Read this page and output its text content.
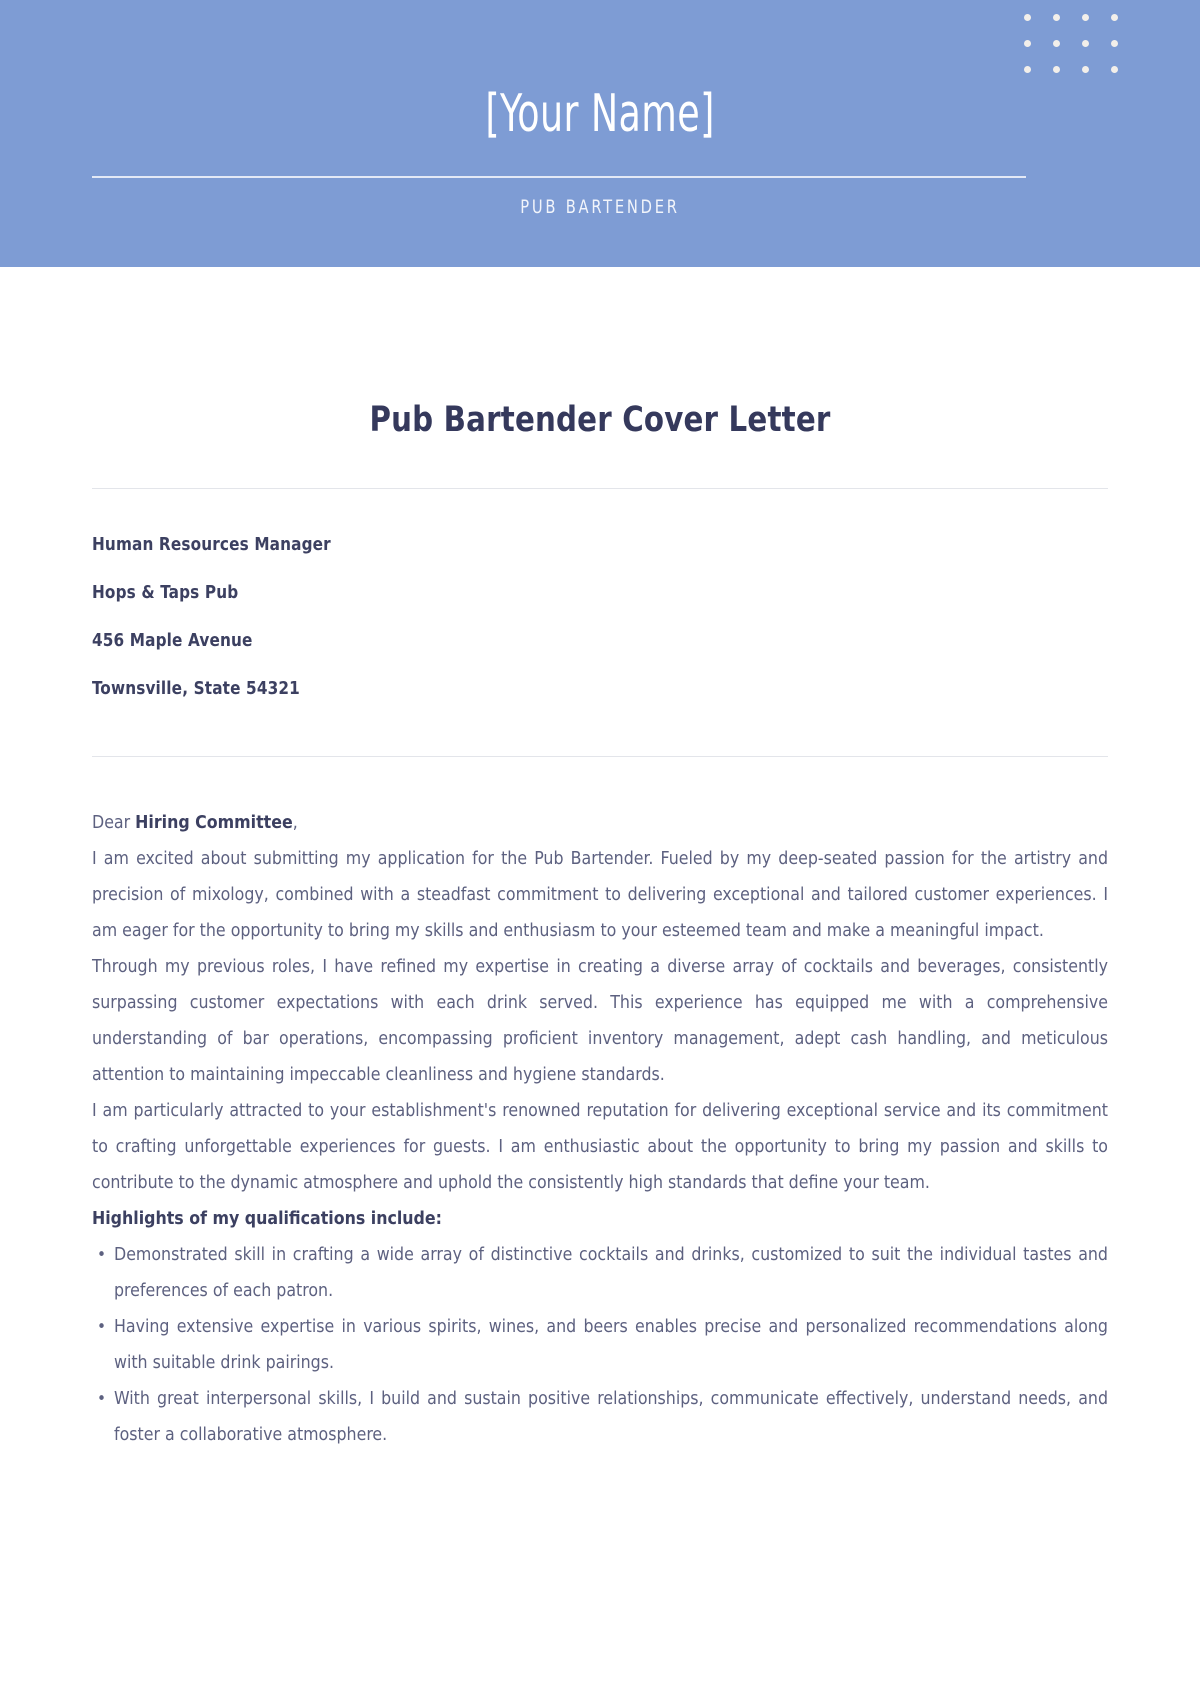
[Your Name]
PUB BARTENDER
Pub Bartender Cover Letter
Human Resources Manager
Hops & Taps Pub
456 Maple Avenue
Townsville, State 54321

Dear Hiring Committee,

I am excited about submitting my application for the Pub Bartender. Fueled by my deep-seated passion for the artistry and precision of mixology, combined with a steadfast commitment to delivering exceptional and tailored customer experiences. I am eager for the opportunity to bring my skills and enthusiasm to your esteemed team and make a meaningful impact.

Through my previous roles, I have refined my expertise in creating a diverse array of cocktails and beverages, consistently surpassing customer expectations with each drink served. This experience has equipped me with a comprehensive understanding of bar operations, encompassing proficient inventory management, adept cash handling, and meticulous attention to maintaining impeccable cleanliness and hygiene standards.

I am particularly attracted to your establishment's renowned reputation for delivering exceptional service and its commitment to crafting unforgettable experiences for guests. I am enthusiastic about the opportunity to bring my passion and skills to contribute to the dynamic atmosphere and uphold the consistently high standards that define your team.

Highlights of my qualifications include:

• Demonstrated skill in crafting a wide array of distinctive cocktails and drinks, customized to suit the individual tastes and preferences of each patron.
• Having extensive expertise in various spirits, wines, and beers enables precise and personalized recommendations along with suitable drink pairings.
• With great interpersonal skills, I build and sustain positive relationships, communicate effectively, understand needs, and foster a collaborative atmosphere.
